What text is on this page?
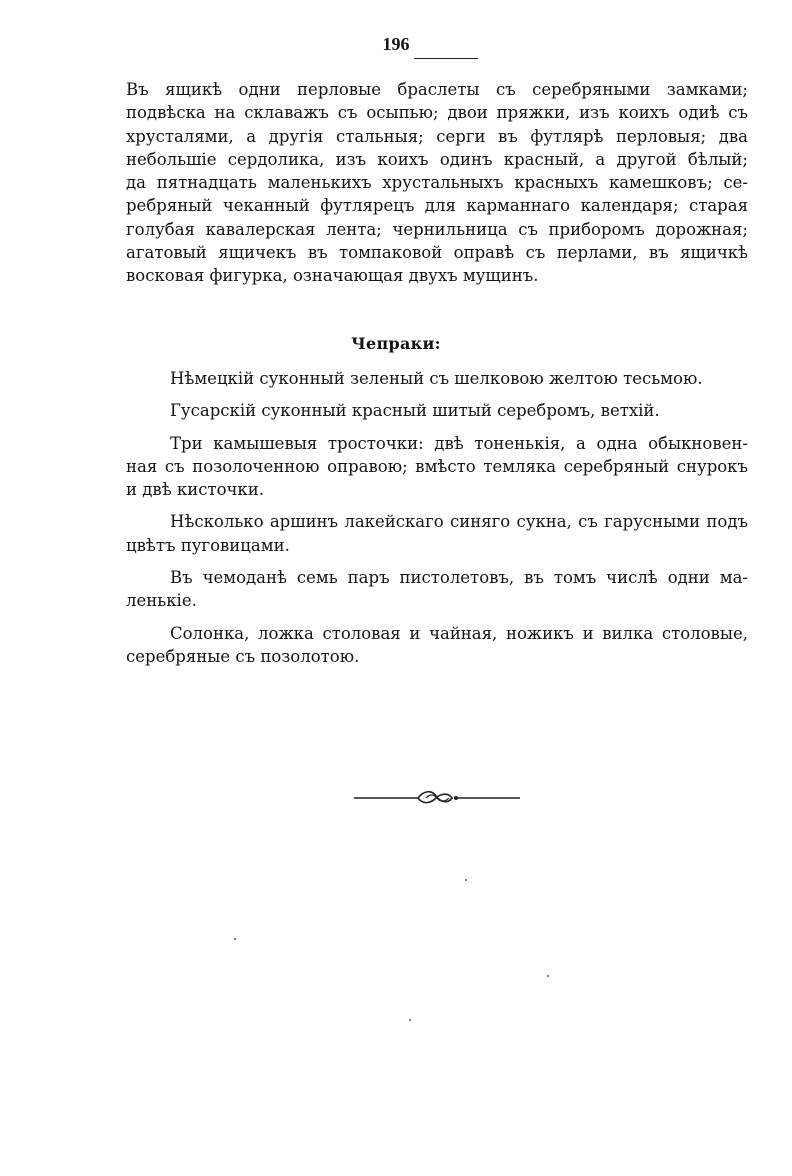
196
Въ ящикѣ одни перловые браслеты съ серебряными замками;
подвѣска на склаважъ съ осыпью; двои пряжки, изъ коихъ одиѣ съ
хрусталями, а другія стальныя; серги въ футлярѣ перловыя; два
небольшіе сердолика, изъ коихъ одинъ красный, а другой бѣлый;
да пятнадцать маленькихъ хрустальныхъ красныхъ камешковъ; се-
ребряный чеканный футлярецъ для карманнаго календаря; старая
голубая кавалерская лента; чернильница съ приборомъ дорожная;
агатовый ящичекъ въ томпаковой оправѣ съ перлами, въ ящичкѣ
восковая фигурка, означающая двухъ мущинъ.
Чепраки:
Нѣмецкій суконный зеленый съ шелковою желтою тесьмою.
Гусарскій суконный красный шитый серебромъ, ветхій.
Три камышевыя тросточки: двѣ тоненькія, а одна обыкновен-
ная съ позолоченною оправою; вмѣсто темляка серебряный снурокъ
и двѣ кисточки.
Нѣсколько аршинъ лакейскаго синяго сукна, съ гарусными подъ
цвѣтъ пуговицами.
Въ чемоданѣ семь паръ пистолетовъ, въ томъ числѣ одни ма-
ленькіе.
Солонка, ложка столовая и чайная, ножикъ и вилка столовые,
серебряные съ позолотою.
